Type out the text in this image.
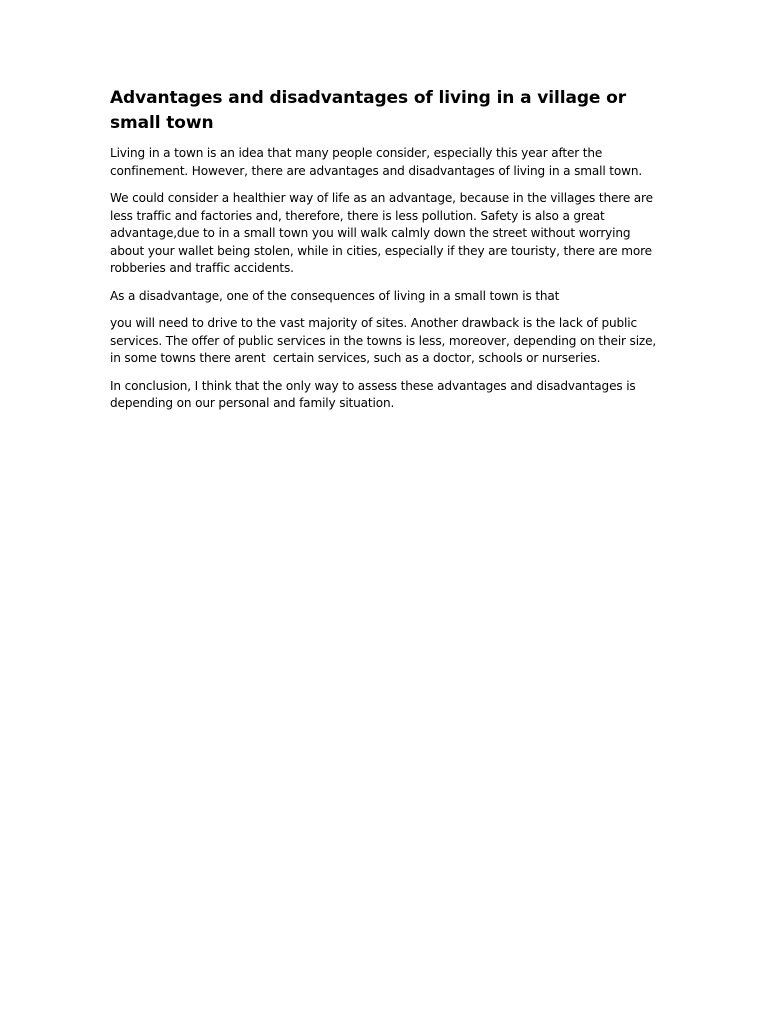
Advantages and disadvantages of living in a village or small town

Living in a town is an idea that many people consider, especially this year after the confinement. However, there are advantages and disadvantages of living in a small town.

We could consider a healthier way of life as an advantage, because in the villages there are less traffic and factories and, therefore, there is less pollution. Safety is also a great advantage,due to in a small town you will walk calmly down the street without worrying about your wallet being stolen, while in cities, especially if they are touristy, there are more robberies and traffic accidents.

As a disadvantage, one of the consequences of living in a small town is that

you will need to drive to the vast majority of sites. Another drawback is the lack of public services. The offer of public services in the towns is less, moreover, depending on their size, in some towns there arent  certain services, such as a doctor, schools or nurseries.

In conclusion, I think that the only way to assess these advantages and disadvantages is depending on our personal and family situation.
